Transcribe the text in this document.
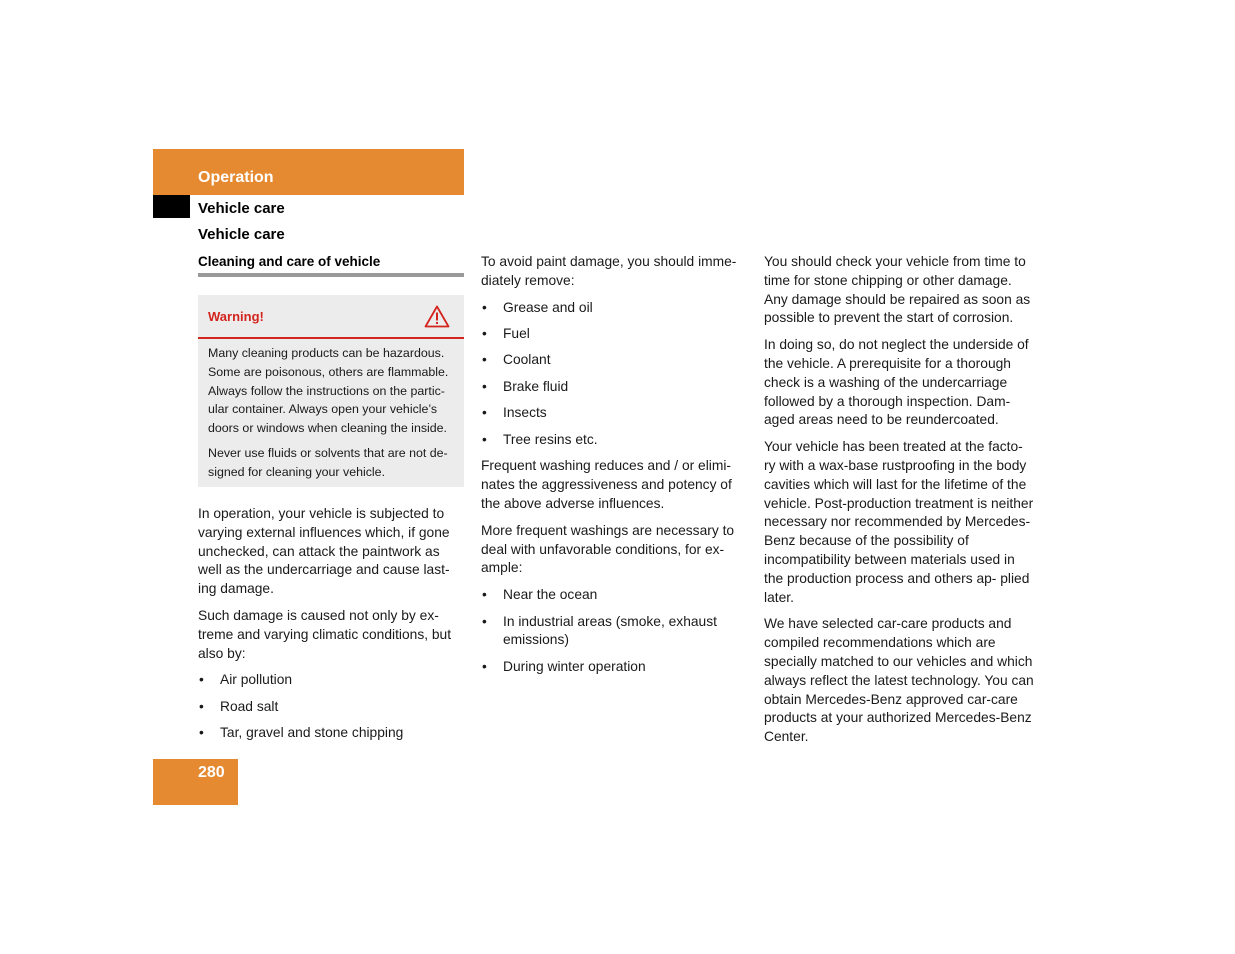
Operation
Vehicle care
Vehicle care
Cleaning and care of vehicle
Warning!

Many cleaning products can be hazardous. Some are poisonous, others are flammable. Always follow the instructions on the partic- ular container. Always open your vehicle’s doors or windows when cleaning the inside.

Never use fluids or solvents that are not de- signed for cleaning your vehicle.

In operation, your vehicle is subjected to varying external influences which, if gone unchecked, can attack the paintwork as well as the undercarriage and cause last- ing damage.

Such damage is caused not only by ex- treme and varying climatic conditions, but also by:

• Air pollution
• Road salt
• Tar, gravel and stone chipping

To avoid paint damage, you should imme- diately remove:

• Grease and oil
• Fuel
• Coolant
• Brake fluid
• Insects
• Tree resins etc.

Frequent washing reduces and / or elimi- nates the aggressiveness and potency of the above adverse influences.

More frequent washings are necessary to deal with unfavorable conditions, for ex- ample:

• Near the ocean
• In industrial areas (smoke, exhaust emissions)
• During winter operation

You should check your vehicle from time to time for stone chipping or other damage. Any damage should be repaired as soon as possible to prevent the start of corrosion.

In doing so, do not neglect the underside of the vehicle. A prerequisite for a thorough check is a washing of the undercarriage followed by a thorough inspection. Dam- aged areas need to be reundercoated.

Your vehicle has been treated at the facto- ry with a wax-base rustproofing in the body cavities which will last for the lifetime of the vehicle. Post-production treatment is neither necessary nor recommended by Mercedes-Benz because of the possibility of incompatibility between materials used in the production process and others ap- plied later.

We have selected car-care products and compiled recommendations which are specially matched to our vehicles and which always reflect the latest technology. You can obtain Mercedes-Benz approved car-care products at your authorized Mercedes-Benz Center.

280
